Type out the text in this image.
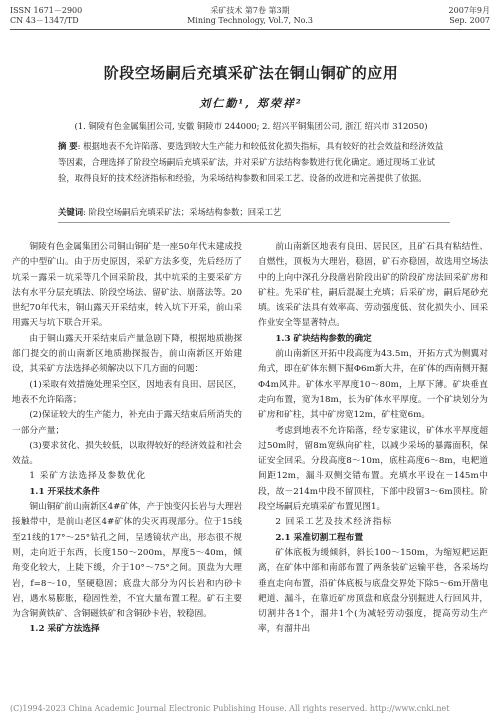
ISSN 1671－2900
CN 43－1347/TD
采矿技术 第7卷 第3期
Mining Technology, Vol.7, No.3
2007年9月
Sep. 2007
阶段空场嗣后充填采矿法在铜山铜矿的应用
刘仁勤¹, 郑荣祥²
(1. 铜陵有色金属集团公司, 安徽 铜陵市 244000; 2. 绍兴平铜集团公司, 浙江 绍兴市 312050)
摘 要: 根据地表不允许陷落、要选到较大生产能力和较低贫化损失指标，具有较好的社会效益和经济效益等因素，合理选择了阶段空场嗣后充填采矿法，并对采矿方法结构参数进行优化确定。通过现场工业试验，取得良好的技术经济指标和经验，为采场结构参数和回采工艺、设备的改进和完善提供了依据。
关键词: 阶段空场嗣后充填采矿法；采场结构参数；回采工艺

铜陵有色金属集团公司铜山铜矿是一座50年代末建成投产的中型矿山。由于历史原因，采矿方法多变，先后经历了坑采－露采－坑采等几个回采阶段，其中坑采的主要采矿方法有水平分层充填法、阶段空场法、留矿法、崩落法等。20世纪70年代末，铜山露天开采结束，转入坑下开采，前山采用露天与坑下联合开采。

由于铜山露天开采结束后产量急剧下降，根据地质勘探部门提交的前山南新区地质勘探报告，前山南新区开始建设，其采矿方法选择必须解决以下几方面的问题：

(1)采取有效措施处理采空区，因地表有良田、居民区，地表不允许陷落；

(2)保证较大的生产能力，补充由于露天结束后所消失的一部分产量；

(3)要求贫化、损失较低，以取得较好的经济效益和社会效益。

1 采矿方法选择及参数优化

1.1 开采技术条件

铜山铜矿前山南新区4#矿体，产于蚀变闪长岩与大理岩接触带中，是前山老区4#矿体的尖灭再现部分。位于15线至21线的17°～25°钻孔之间，呈透镜状产出，形态很不规则，走向近于东西，长度150～200m，厚度5～40m，倾角变化较大，上陡下缓，介于10°～75°之间。顶盘为大理岩，f=8～10，坚硬稳固；底盘大部分为闪长岩和内砂卡岩，遇水易膨胀，稳固性差，不宜大量布置工程。矿石主要为含铜黄铁矿、含铜磁铁矿和含铜砂卡岩，较稳固。

1.2 采矿方法选择

前山南新区地表有良田、居民区，且矿石具有粘结性、自燃性，顶板为大理岩，稳固，矿石亦稳固，故选用空场法中的上向中深孔分段凿岩阶段出矿的阶段矿房法回采矿房和矿柱。先采矿柱，嗣后混凝土充填；后采矿房，嗣后尾砂充填。该采矿法具有效率高、劳动强度低、贫化损失小、回采作业安全等显著特点。

1.3 矿块结构参数的确定

前山南新区开拓中段高度为43.5m，开拓方式为侧翼对角式，即在矿体东侧下掘Φ6m新大井，在矿体的西南侧开掘Φ4m风井。矿体水平厚度10～80m，上厚下薄。矿块垂直走向布置，宽为18m，长为矿体水平厚度。一个矿块划分为矿房和矿柱，其中矿房宽12m，矿柱宽6m。

考虑到地表不允许陷落，经专家建议，矿体水平厚度超过50m时，留8m宽纵向矿柱，以减少采场的暴露面积，保证安全回采。分段高度8～10m，底柱高度6～8m，电耙道间距12m，漏斗双侧交错布置。充填水平设在－145m中段，故－214m中段不留顶柱，下部中段留3～6m顶柱。阶段空场嗣后充填采矿布置见图1。

2 回采工艺及技术经济指标

2.1 采准切割工程布置

矿体底板为缓倾斜，斜长100～150m，为缩短耙运距离，在矿体中部和南部布置了两条装矿运输平巷，各采场均垂直走向布置，沿矿体底板与底盘交界处下除5～6m开凿电耙道、漏斗，在靠近矿房顶盘和底盘分别掘进人行回风井，切割井各1个，溜井1个(为减轻劳动强度，提高劳动生产率，有溜井出

(C)1994-2023 China Academic Journal Electronic Publishing House. All rights reserved. http://www.cnki.net
